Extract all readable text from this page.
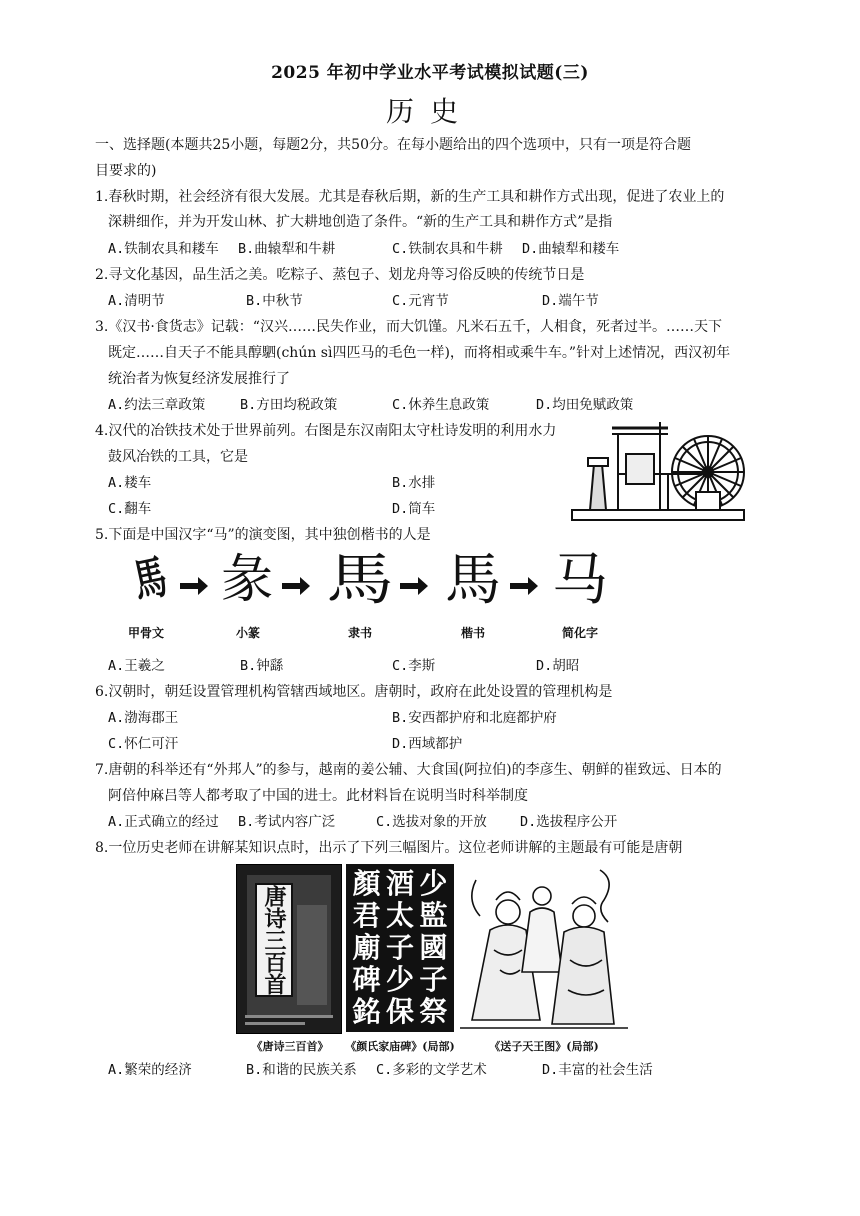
2025 年初中学业水平考试模拟试题(三)
历史
一、选择题(本题共25小题，每题2分，共50分。在每小题给出的四个选项中，只有一项是符合题
目要求的)
1.春秋时期，社会经济有很大发展。尤其是春秋后期，新的生产工具和耕作方式出现，促进了农业上的
深耕细作，并为开发山林、扩大耕地创造了条件。“新的生产工具和耕作方式”是指
A.铁制农具和耧车 B.曲辕犁和牛耕	C.铁制农具和牛耕 D.曲辕犁和耧车
2.寻文化基因，品生活之美。吃粽子、蒸包子、划龙舟等习俗反映的传统节日是
A.清明节	B.中秋节	C.元宵节	D.端午节
3.《汉书·食货志》记载：“汉兴……民失作业，而大饥馑。凡米石五千，人相食，死者过半。……天下
既定……自天子不能具醇駟(chún sì四匹马的毛色一样)，而将相或乘牛车。”针对上述情况，西汉初年
统治者为恢复经济发展推行了
A.约法三章政策	B.方田均税政策	C.休养生息政策	D.均田免赋政策
4.汉代的冶铁技术处于世界前列。右图是东汉南阳太守杜诗发明的利用水力
鼓风冶铁的工具，它是
A.耧车	B.水排
C.翻车	D.筒车
5.下面是中国汉字“马”的演变图，其中独创楷书的人是
馬 彖 馬 馬 马
甲骨文	小篆	隶书	楷书	简化字
A.王羲之	B.钟繇	C.李斯	D.胡昭
6.汉朝时，朝廷设置管理机构管辖西域地区。唐朝时，政府在此处设置的管理机构是
A.渤海郡王	B.安西都护府和北庭都护府
C.怀仁可汗	D.西域都护
7.唐朝的科举还有“外邦人”的参与，越南的姜公辅、大食国(阿拉伯)的李彦生、朝鲜的崔致远、日本的
阿倍仲麻吕等人都考取了中国的进士。此材料旨在说明当时科举制度
A.正式确立的经过 B.考试内容广泛	C.选拔对象的开放 D.选拔程序公开
8.一位历史老师在讲解某知识点时，出示了下列三幅图片。这位老师讲解的主题最有可能是唐朝
唐诗三百首
少
酒
顏
監
太
君
國
子
廟
子
少
碑
祭
保
銘
《唐诗三百首》	《颜氏家庙碑》(局部)	《送子天王图》(局部)
A.繁荣的经济	B.和谐的民族关系 C.多彩的文学艺术	D.丰富的社会生活
